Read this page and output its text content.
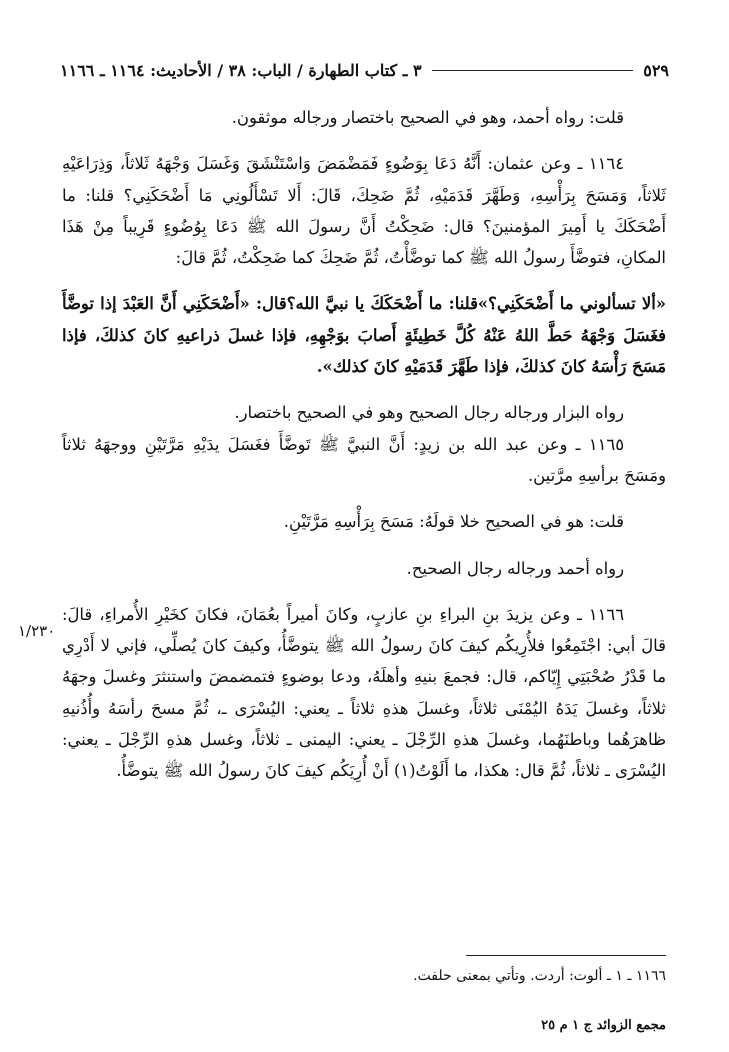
٥٢٩
٣ ـ كتاب الطهارة / الباب: ٣٨ / الأحاديث: ١١٦٤ ـ ١١٦٦

قلت: رواه أحمد، وهو في الصحيح باختصار ورجاله موثقون.

١١٦٤ ـ وعن عثمان: أَنَّهُ دَعَا بِوَضُوءٍ فَمَضْمَضَ وَاسْتَنْشَقَ وَغَسَلَ وَجْهَهُ ثَلاثاً، وَذِرَاعَيْهِ ثَلاثاً، وَمَسَحَ بِرَأْسِهِ، وَطَهَّرَ قَدَمَيْهِ، ثُمَّ ضَحِكَ، قَالَ: أَلا تَسْأَلُونِي مَا أَضْحَكَنِي؟ قلنا: ما أَضْحَكَكَ يا أَمِيرَ المؤمنينَ؟ قال: ضَحِكْتُ أَنَّ رسولَ الله ﷺ دَعَا بِوُضُوءٍ قَرِيباً مِنْ هَذَا المكانِ، فتوضَّأَ رسولُ الله ﷺ كما توضَّأْتُ، ثُمَّ ضَحِكَ كما ضَحِكْتُ، ثُمَّ قالَ:

«ألا تسألوني ما أَضْحَكَنِي؟»قلنا: ما أَضْحَكَكَ يا نبيَّ الله؟قال: «أَضْحَكَنِي أَنَّ العَبْدَ إذا توضَّأَ فغَسَلَ وَجْهَهُ حَطَّ اللهُ عَنْهُ كُلَّ خَطِيئَةٍ أَصابَ بوَجْهِهِ، فإذا غسلَ ذراعيهِ كانَ كذلكَ، فإذا مَسَحَ رَأْسَهُ كانَ كذلكَ، فإذا طَهَّرَ قَدَمَيْهِ كانَ كذلك».

رواه البزار ورجاله رجال الصحيح وهو في الصحيح باختصار.

١١٦٥ ـ وعن عبد الله بن زيدٍ: أَنَّ النبيَّ ﷺ تَوضَّأَ فغَسَلَ يدَيْهِ مَرَّتَيْنِ ووجهَهُ ثلاثاً ومَسَحَ برأسِهِ مرَّتين.

قلت: هو في الصحيح خلا قولَهُ: مَسَحَ بِرَأْسِهِ مَرَّتَيْنِ.

رواه أحمد ورجاله رجال الصحيح.

١١٦٦ ـ وعن يزيدَ بنِ البراءِ بنِ عازبٍ، وكانَ أميراً بعُمَانَ، فكانَ كخَيْرِ الأُمراءِ، قالَ: قالَ أبي: اجْتَمِعُوا فلأُرِيكُم كيفَ كانَ رسولُ الله ﷺ يتوضَّأُ، وكيفَ كانَ يُصلِّي، فإني لا أَدْرِي ما قَدْرُ صُحْبَتِي إِيّاكم، قال: فجمعَ بنيهِ وأهلَهُ، ودعا بوضوءٍ فتمضمضَ واستنثرَ وغسلَ وجهَهُ ثلاثاً، وغسلَ يَدَهُ اليُمْنَى ثلاثاً، وغسلَ هذهِ ثلاثاً ـ يعني: اليُسْرَى ـ، ثُمَّ مسحَ رأسَهُ وأُذُنيهِ ظاهرَهُما وباطنَهُما، وغسلَ هذهِ الرِّجْلَ ـ يعني: اليمنى ـ ثلاثاً، وغسل هذهِ الرِّجْلَ ـ يعني: اليُسْرَى ـ ثلاثاً، ثُمَّ قال: هكذا، ما أَلَوْتُ(١) أَنْ أُرِيَكُم كيفَ كانَ رسولُ الله ﷺ يتوضَّأُ.

١/٢٣٠
١١٦٦ ـ ١ ـ ألوت: أردت. وتأتي بمعنى حلفت.
مجمع الزوائد ج ١ م ٢٥
